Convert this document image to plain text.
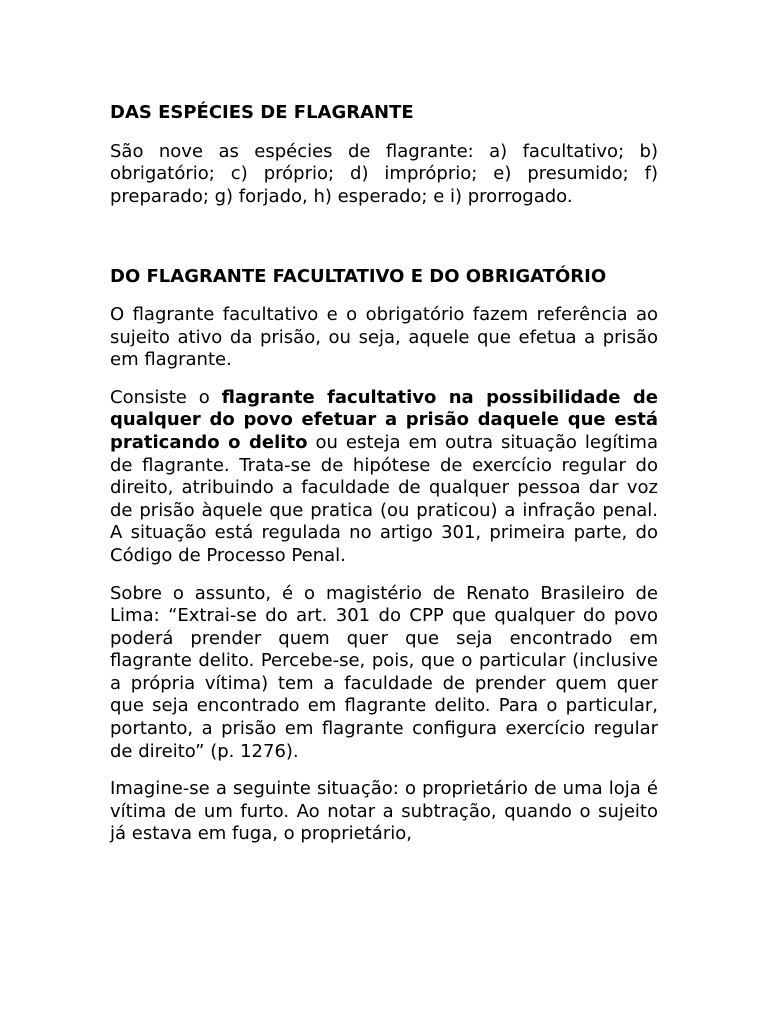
DAS ESPÉCIES DE FLAGRANTE

São nove as espécies de flagrante: a) facultativo; b) obrigatório; c) próprio; d) impróprio; e) presumido; f) preparado; g) forjado, h) esperado; e i) prorrogado.

DO FLAGRANTE FACULTATIVO E DO OBRIGATÓRIO

O flagrante facultativo e o obrigatório fazem referência ao sujeito ativo da prisão, ou seja, aquele que efetua a prisão em flagrante.

Consiste o flagrante facultativo na possibilidade de qualquer do povo efetuar a prisão daquele que está praticando o delito ou esteja em outra situação legítima de flagrante. Trata-se de hipótese de exercício regular do direito, atribuindo a faculdade de qualquer pessoa dar voz de prisão àquele que pratica (ou praticou) a infração penal. A situação está regulada no artigo 301, primeira parte, do Código de Processo Penal.

Sobre o assunto, é o magistério de Renato Brasileiro de Lima: “Extrai-se do art. 301 do CPP que qualquer do povo poderá prender quem quer que seja encontrado em flagrante delito. Percebe-se, pois, que o particular (inclusive a própria vítima) tem a faculdade de prender quem quer que seja encontrado em flagrante delito. Para o particular, portanto, a prisão em flagrante configura exercício regular de direito” (p. 1276).

Imagine-se a seguinte situação: o proprietário de uma loja é vítima de um furto. Ao notar a subtração, quando o sujeito já estava em fuga, o proprietário,
